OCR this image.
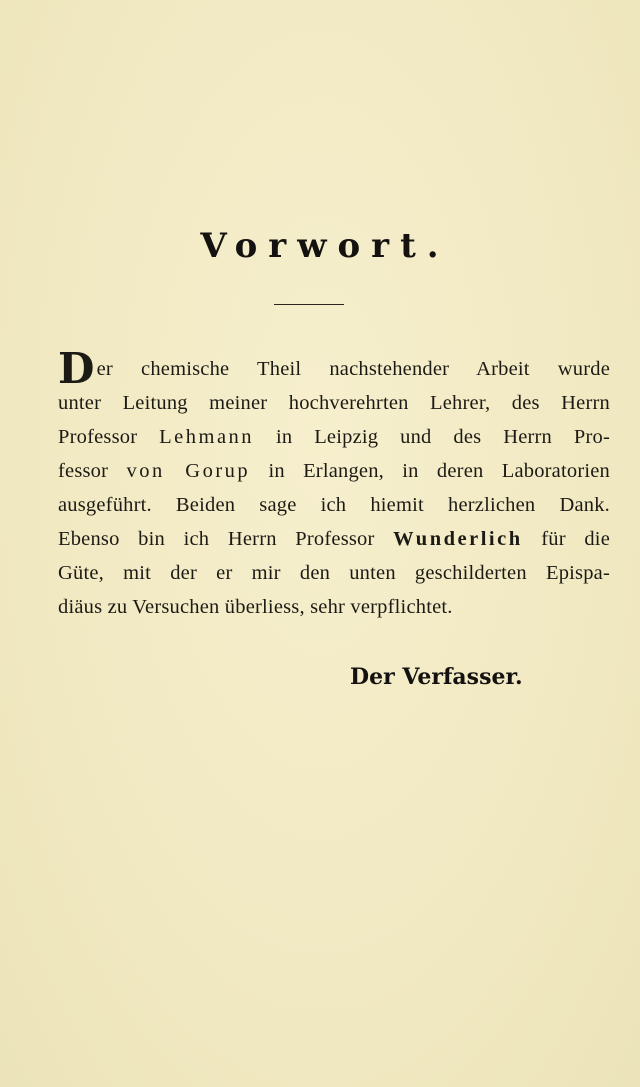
Vorwort.
Der chemische Theil nachstehender Arbeit wurde
unter Leitung meiner hochverehrten Lehrer, des Herrn
Professor Lehmann in Leipzig und des Herrn Pro-
fessor von Gorup in Erlangen, in deren Laboratorien
ausgeführt. Beiden sage ich hiemit herzlichen Dank.
Ebenso bin ich Herrn Professor Wunderlich für die
Güte, mit der er mir den unten geschilderten Epispa-
diäus zu Versuchen überliess, sehr verpflichtet.
Der Verfasser.
